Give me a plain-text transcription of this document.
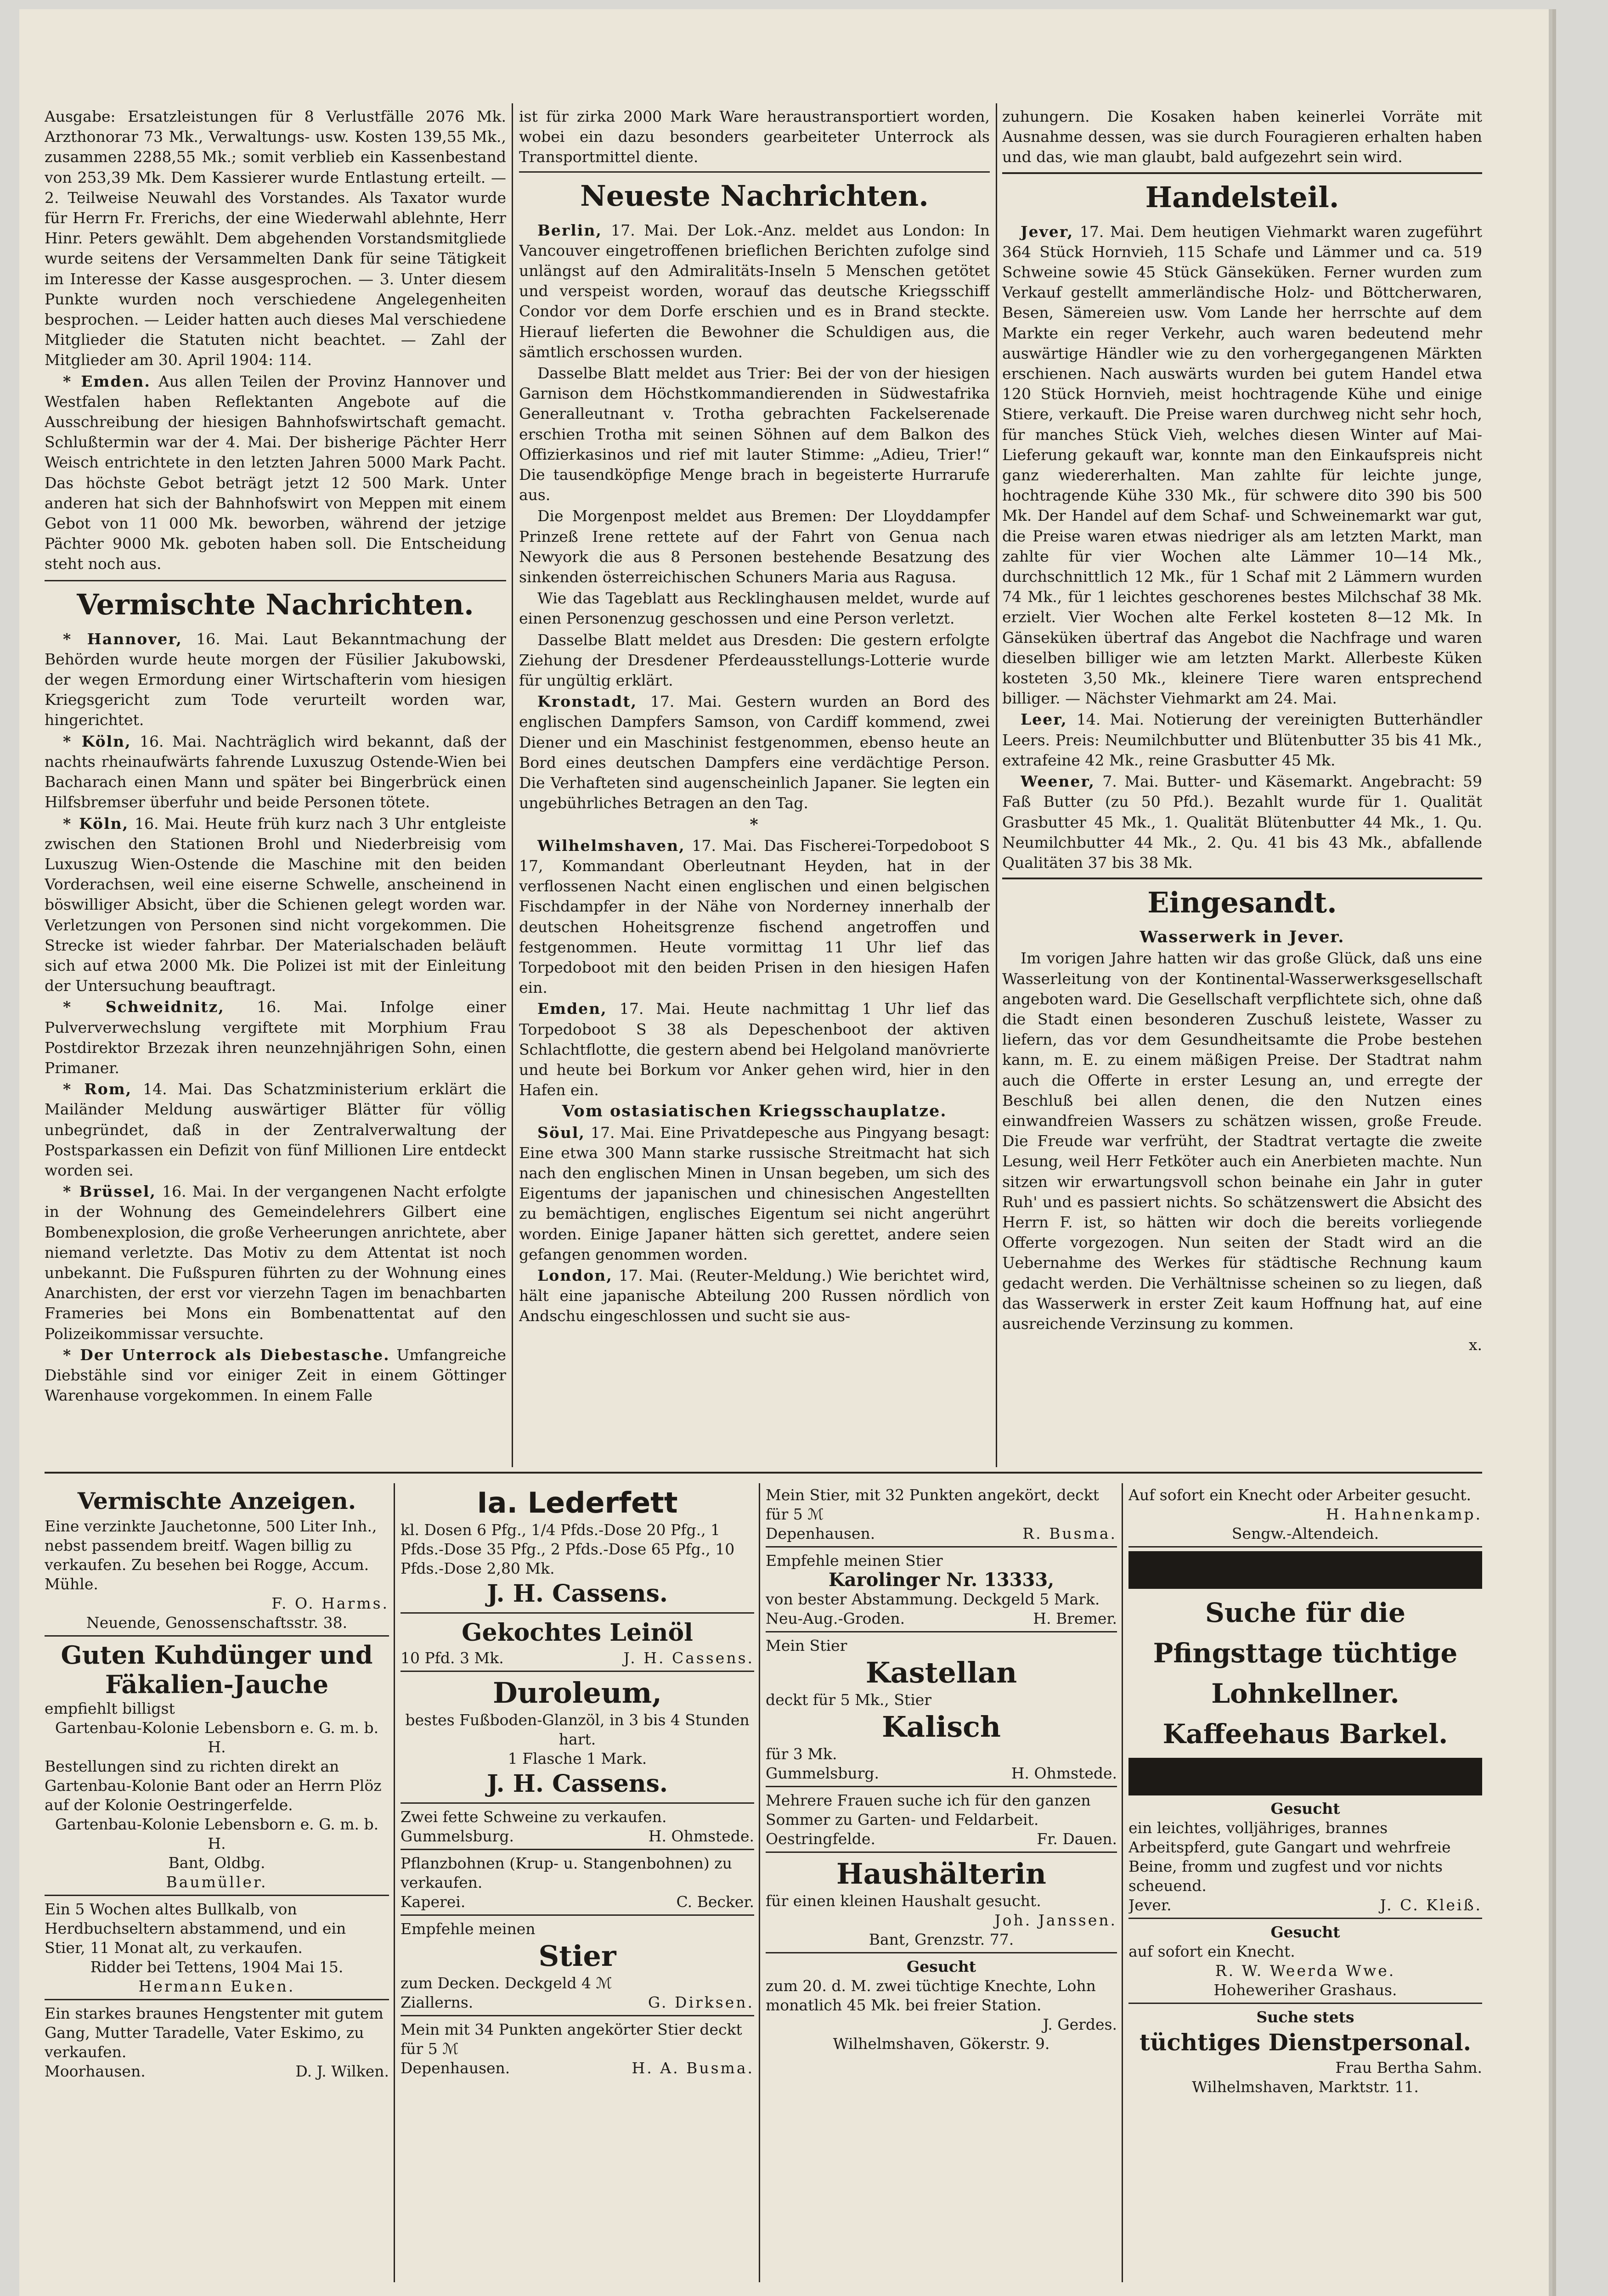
Ausgabe: Ersatzleistungen für 8 Verlustfälle 2076 Mk. Arzthonorar 73 Mk., Verwaltungs- usw. Kosten 139,55 Mk., zusammen 2288,55 Mk.; somit verblieb ein Kassenbestand von 253,39 Mk. Dem Kassierer wurde Entlastung erteilt. — 2. Teilweise Neuwahl des Vorstandes. Als Taxator wurde für Herrn Fr. Frerichs, der eine Wiederwahl ablehnte, Herr Hinr. Peters gewählt. Dem abgehenden Vorstandsmitgliede wurde seitens der Versammelten Dank für seine Tätigkeit im Interesse der Kasse ausgesprochen. — 3. Unter diesem Punkte wurden noch verschiedene Angelegenheiten besprochen. — Leider hatten auch dieses Mal verschiedene Mitglieder die Statuten nicht beachtet. — Zahl der Mitglieder am 30. April 1904: 114.

* Emden. Aus allen Teilen der Provinz Hannover und Westfalen haben Reflektanten Angebote auf die Ausschreibung der hiesigen Bahnhofswirtschaft gemacht. Schlußtermin war der 4. Mai. Der bisherige Pächter Herr Weisch entrichtete in den letzten Jahren 5000 Mark Pacht. Das höchste Gebot beträgt jetzt 12 500 Mark. Unter anderen hat sich der Bahnhofswirt von Meppen mit einem Gebot von 11 000 Mk. beworben, während der jetzige Pächter 9000 Mk. geboten haben soll. Die Entscheidung steht noch aus.

Vermischte Nachrichten.

* Hannover, 16. Mai. Laut Bekanntmachung der Behörden wurde heute morgen der Füsilier Jakubowski, der wegen Ermordung einer Wirtschafterin vom hiesigen Kriegsgericht zum Tode verurteilt worden war, hingerichtet.

* Köln, 16. Mai. Nachträglich wird bekannt, daß der nachts rheinaufwärts fahrende Luxuszug Ostende-Wien bei Bacharach einen Mann und später bei Bingerbrück einen Hilfsbremser überfuhr und beide Personen tötete.

* Köln, 16. Mai. Heute früh kurz nach 3 Uhr entgleiste zwischen den Stationen Brohl und Niederbreisig vom Luxuszug Wien-Ostende die Maschine mit den beiden Vorderachsen, weil eine eiserne Schwelle, anscheinend in böswilliger Absicht, über die Schienen gelegt worden war. Verletzungen von Personen sind nicht vorgekommen. Die Strecke ist wieder fahrbar. Der Materialschaden beläuft sich auf etwa 2000 Mk. Die Polizei ist mit der Einleitung der Untersuchung beauftragt.

* Schweidnitz, 16. Mai. Infolge einer Pulververwechslung vergiftete mit Morphium Frau Postdirektor Brzezak ihren neunzehnjährigen Sohn, einen Primaner.

* Rom, 14. Mai. Das Schatzministerium erklärt die Mailänder Meldung auswärtiger Blätter für völlig unbegründet, daß in der Zentralverwaltung der Postsparkassen ein Defizit von fünf Millionen Lire entdeckt worden sei.

* Brüssel, 16. Mai. In der vergangenen Nacht erfolgte in der Wohnung des Gemeindelehrers Gilbert eine Bombenexplosion, die große Verheerungen anrichtete, aber niemand verletzte. Das Motiv zu dem Attentat ist noch unbekannt. Die Fußspuren führten zu der Wohnung eines Anarchisten, der erst vor vierzehn Tagen im benachbarten Frameries bei Mons ein Bombenattentat auf den Polizeikommissar versuchte.

* Der Unterrock als Diebestasche. Umfangreiche Diebstähle sind vor einiger Zeit in einem Göttinger Warenhause vorgekommen. In einem Falle

ist für zirka 2000 Mark Ware heraustransportiert worden, wobei ein dazu besonders gearbeiteter Unterrock als Transportmittel diente.

Neueste Nachrichten.

Berlin, 17. Mai. Der Lok.-Anz. meldet aus London: In Vancouver eingetroffenen brieflichen Berichten zufolge sind unlängst auf den Admiralitäts-Inseln 5 Menschen getötet und verspeist worden, worauf das deutsche Kriegsschiff Condor vor dem Dorfe erschien und es in Brand steckte. Hierauf lieferten die Bewohner die Schuldigen aus, die sämtlich erschossen wurden.

Dasselbe Blatt meldet aus Trier: Bei der von der hiesigen Garnison dem Höchstkommandierenden in Südwestafrika Generalleutnant v. Trotha gebrachten Fackelserenade erschien Trotha mit seinen Söhnen auf dem Balkon des Offizierkasinos und rief mit lauter Stimme: „Adieu, Trier!“ Die tausendköpfige Menge brach in begeisterte Hurrarufe aus.

Die Morgenpost meldet aus Bremen: Der Lloyddampfer Prinzeß Irene rettete auf der Fahrt von Genua nach Newyork die aus 8 Personen bestehende Besatzung des sinkenden österreichischen Schuners Maria aus Ragusa.

Wie das Tageblatt aus Recklinghausen meldet, wurde auf einen Personenzug geschossen und eine Person verletzt.

Dasselbe Blatt meldet aus Dresden: Die gestern erfolgte Ziehung der Dresdener Pferdeausstellungs-Lotterie wurde für ungültig erklärt.

Kronstadt, 17. Mai. Gestern wurden an Bord des englischen Dampfers Samson, von Cardiff kommend, zwei Diener und ein Maschinist festgenommen, ebenso heute an Bord eines deutschen Dampfers eine verdächtige Person. Die Verhafteten sind augenscheinlich Japaner. Sie legten ein ungebührliches Betragen an den Tag.

*

Wilhelmshaven, 17. Mai. Das Fischerei-Torpedoboot S 17, Kommandant Oberleutnant Heyden, hat in der verflossenen Nacht einen englischen und einen belgischen Fischdampfer in der Nähe von Norderney innerhalb der deutschen Hoheitsgrenze fischend angetroffen und festgenommen. Heute vormittag 11 Uhr lief das Torpedoboot mit den beiden Prisen in den hiesigen Hafen ein.

Emden, 17. Mai. Heute nachmittag 1 Uhr lief das Torpedoboot S 38 als Depeschenboot der aktiven Schlachtflotte, die gestern abend bei Helgoland manövrierte und heute bei Borkum vor Anker gehen wird, hier in den Hafen ein.

Vom ostasiatischen Kriegsschauplatze.

Söul, 17. Mai. Eine Privatdepesche aus Pingyang besagt: Eine etwa 300 Mann starke russische Streitmacht hat sich nach den englischen Minen in Unsan begeben, um sich des Eigentums der japanischen und chinesischen Angestellten zu bemächtigen, englisches Eigentum sei nicht angerührt worden. Einige Japaner hätten sich gerettet, andere seien gefangen genommen worden.

London, 17. Mai. (Reuter-Meldung.) Wie berichtet wird, hält eine japanische Abteilung 200 Russen nördlich von Andschu eingeschlossen und sucht sie aus-

zuhungern. Die Kosaken haben keinerlei Vorräte mit Ausnahme dessen, was sie durch Fouragieren erhalten haben und das, wie man glaubt, bald aufgezehrt sein wird.

Handelsteil.

Jever, 17. Mai. Dem heutigen Viehmarkt waren zugeführt 364 Stück Hornvieh, 115 Schafe und Lämmer und ca. 519 Schweine sowie 45 Stück Gänseküken. Ferner wurden zum Verkauf gestellt ammerländische Holz- und Böttcherwaren, Besen, Sämereien usw. Vom Lande her herrschte auf dem Markte ein reger Verkehr, auch waren bedeutend mehr auswärtige Händler wie zu den vorhergegangenen Märkten erschienen. Nach auswärts wurden bei gutem Handel etwa 120 Stück Hornvieh, meist hochtragende Kühe und einige Stiere, verkauft. Die Preise waren durchweg nicht sehr hoch, für manches Stück Vieh, welches diesen Winter auf Mai-Lieferung gekauft war, konnte man den Einkaufspreis nicht ganz wiedererhalten. Man zahlte für leichte junge, hochtragende Kühe 330 Mk., für schwere dito 390 bis 500 Mk. Der Handel auf dem Schaf- und Schweinemarkt war gut, die Preise waren etwas niedriger als am letzten Markt, man zahlte für vier Wochen alte Lämmer 10—14 Mk., durchschnittlich 12 Mk., für 1 Schaf mit 2 Lämmern wurden 74 Mk., für 1 leichtes geschorenes bestes Milchschaf 38 Mk. erzielt. Vier Wochen alte Ferkel kosteten 8—12 Mk. In Gänseküken übertraf das Angebot die Nachfrage und waren dieselben billiger wie am letzten Markt. Allerbeste Küken kosteten 3,50 Mk., kleinere Tiere waren entsprechend billiger. — Nächster Viehmarkt am 24. Mai.

Leer, 14. Mai. Notierung der vereinigten Butterhändler Leers. Preis: Neumilchbutter und Blütenbutter 35 bis 41 Mk., extrafeine 42 Mk., reine Grasbutter 45 Mk.

Weener, 7. Mai. Butter- und Käsemarkt. Angebracht: 59 Faß Butter (zu 50 Pfd.). Bezahlt wurde für 1. Qualität Grasbutter 45 Mk., 1. Qualität Blütenbutter 44 Mk., 1. Qu. Neumilchbutter 44 Mk., 2. Qu. 41 bis 43 Mk., abfallende Qualitäten 37 bis 38 Mk.

Eingesandt.

Wasserwerk in Jever.

Im vorigen Jahre hatten wir das große Glück, daß uns eine Wasserleitung von der Kontinental-Wasserwerksgesellschaft angeboten ward. Die Gesellschaft verpflichtete sich, ohne daß die Stadt einen besonderen Zuschuß leistete, Wasser zu liefern, das vor dem Gesundheitsamte die Probe bestehen kann, m. E. zu einem mäßigen Preise. Der Stadtrat nahm auch die Offerte in erster Lesung an, und erregte der Beschluß bei allen denen, die den Nutzen eines einwandfreien Wassers zu schätzen wissen, große Freude. Die Freude war verfrüht, der Stadtrat vertagte die zweite Lesung, weil Herr Fetköter auch ein Anerbieten machte. Nun sitzen wir erwartungsvoll schon beinahe ein Jahr in guter Ruh' und es passiert nichts. So schätzenswert die Absicht des Herrn F. ist, so hätten wir doch die bereits vorliegende Offerte vorgezogen. Nun seiten der Stadt wird an die Uebernahme des Werkes für städtische Rechnung kaum gedacht werden. Die Verhältnisse scheinen so zu liegen, daß das Wasserwerk in erster Zeit kaum Hoffnung hat, auf eine ausreichende Verzinsung zu kommen.

x.

Vermischte Anzeigen.
Eine verzinkte Jauchetonne, 500 Liter Inh., nebst passendem breitf. Wagen billig zu verkaufen. Zu besehen bei Rogge, Accum. Mühle.
F. O. Harms.
Neuende, Genossenschaftsstr. 38.
Guten Kuhdünger und Fäkalien-Jauche
empfiehlt billigst
Gartenbau-Kolonie Lebensborn e. G. m. b. H.
Bestellungen sind zu richten direkt an Gartenbau-Kolonie Bant oder an Herrn Plöz auf der Kolonie Oestringerfelde.
Gartenbau-Kolonie Lebensborn e. G. m. b. H.
Bant, Oldbg.
Baumüller.
Ein 5 Wochen altes Bullkalb, von Herdbuchseltern abstammend, und ein Stier, 11 Monat alt, zu verkaufen.
Ridder bei Tettens, 1904 Mai 15.
Hermann Euken.
Ein starkes braunes Hengstenter mit gutem Gang, Mutter Taradelle, Vater Eskimo, zu verkaufen.
Moorhausen.	D. J. Wilken.
Ia. Lederfett
kl. Dosen 6 Pfg., 1/4 Pfds.-Dose 20 Pfg., 1 Pfds.-Dose 35 Pfg., 2 Pfds.-Dose 65 Pfg., 10 Pfds.-Dose 2,80 Mk.
J. H. Cassens.
Gekochtes Leinöl
10 Pfd. 3 Mk.	J. H. Cassens.
Duroleum,
bestes Fußboden-Glanzöl, in 3 bis 4 Stunden hart.
1 Flasche 1 Mark.
J. H. Cassens.
Zwei fette Schweine zu verkaufen.
Gummelsburg.	H. Ohmstede.
Pflanzbohnen (Krup- u. Stangenbohnen) zu verkaufen.
Kaperei.	C. Becker.
Empfehle meinen
Stier
zum Decken. Deckgeld 4 ℳ
Ziallerns.	G. Dirksen.
Mein mit 34 Punkten angekörter Stier deckt für 5 ℳ
Depenhausen.	H. A. Busma.
Mein Stier, mit 32 Punkten angekört, deckt für 5 ℳ
Depenhausen.	R. Busma.
Empfehle meinen Stier
Karolinger Nr. 13333,
von bester Abstammung. Deckgeld 5 Mark.
Neu-Aug.-Groden.	H. Bremer.
Mein Stier
Kastellan
deckt für 5 Mk., Stier
Kalisch
für 3 Mk.
Gummelsburg.	H. Ohmstede.
Mehrere Frauen suche ich für den ganzen Sommer zu Garten- und Feldarbeit.
Oestringfelde.	Fr. Dauen.
Haushälterin
für einen kleinen Haushalt gesucht.
Joh. Janssen.
Bant, Grenzstr. 77.
Gesucht
zum 20. d. M. zwei tüchtige Knechte, Lohn monatlich 45 Mk. bei freier Station.
J. Gerdes.
Wilhelmshaven, Gökerstr. 9.
Auf sofort ein Knecht oder Arbeiter gesucht.
H. Hahnenkamp.
Sengw.-Altendeich.
Suche für die Pfingsttage tüchtige Lohnkellner. Kaffeehaus Barkel.
Gesucht
ein leichtes, volljähriges, brannes Arbeitspferd, gute Gangart und wehrfreie Beine, fromm und zugfest und vor nichts scheuend.
Jever.	J. C. Kleiß.
Gesucht
auf sofort ein Knecht.
R. W. Weerda Wwe.
Hoheweriher Grashaus.
Suche stets
tüchtiges Dienstpersonal.
Frau Bertha Sahm.
Wilhelmshaven, Marktstr. 11.
